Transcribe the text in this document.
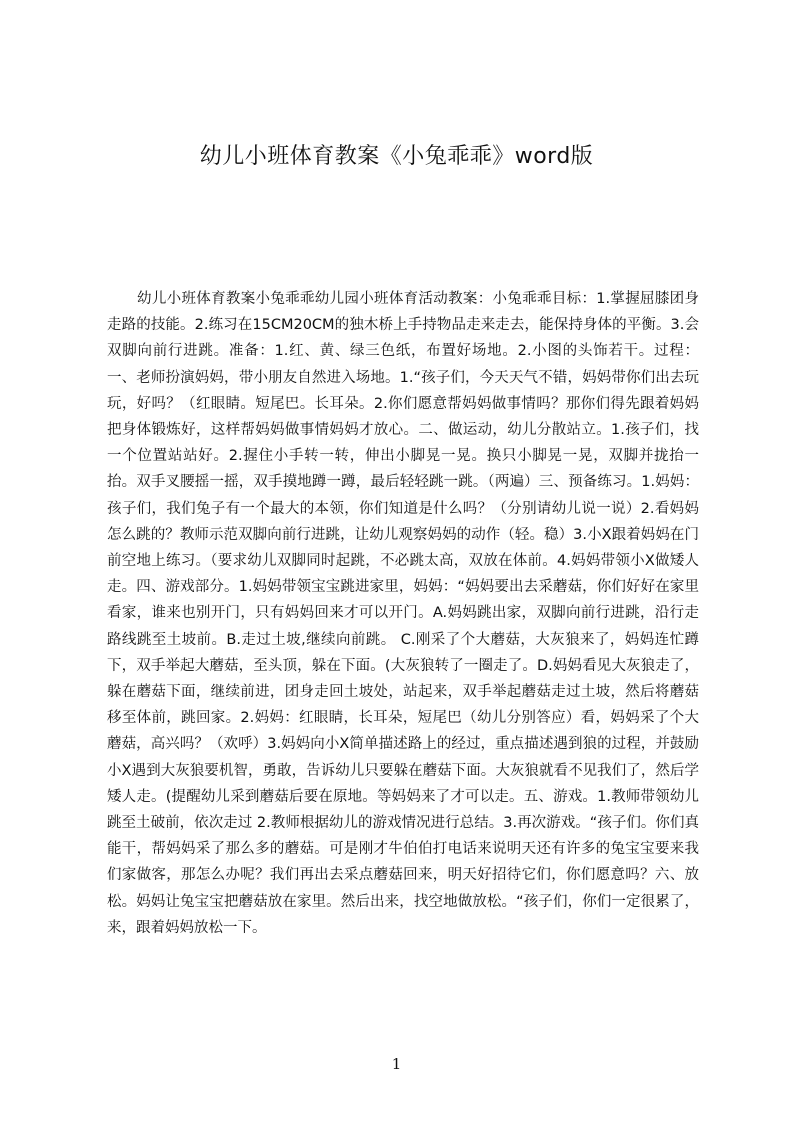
幼儿小班体育教案《小兔乖乖》word版

幼儿小班体育教案小兔乖乖幼儿园小班体育活动教案：小兔乖乖目标：1.掌握屈膝团身走路的技能。2.练习在15CM20CM的独木桥上手持物品走来走去，能保持身体的平衡。3.会双脚向前行进跳。准备：1.红、黄、绿三色纸，布置好场地。2.小图的头饰若干。过程：一、老师扮演妈妈，带小朋友自然进入场地。1.“孩子们，今天天气不错，妈妈带你们出去玩玩，好吗？（红眼睛。短尾巴。长耳朵。2.你们愿意帮妈妈做事情吗？那你们得先跟着妈妈把身体锻炼好，这样帮妈妈做事情妈妈才放心。二、做运动，幼儿分散站立。1.孩子们，找一个位置站站好。2.握住小手转一转，伸出小脚晃一晃。换只小脚晃一晃，双脚并拢抬一抬。双手叉腰摇一摇，双手摸地蹲一蹲，最后轻轻跳一跳。（两遍）三、预备练习。1.妈妈：孩子们，我们兔子有一个最大的本领，你们知道是什么吗？（分别请幼儿说一说）2.看妈妈怎么跳的？教师示范双脚向前行进跳，让幼儿观察妈妈的动作（轻。稳）3.小X跟着妈妈在门前空地上练习。（要求幼儿双脚同时起跳，不必跳太高，双放在体前。4.妈妈带领小X做矮人走。四、游戏部分。1.妈妈带领宝宝跳进家里，妈妈：“妈妈要出去采蘑菇，你们好好在家里看家，谁来也别开门，只有妈妈回来才可以开门。A.妈妈跳出家，双脚向前行进跳，沿行走路线跳至土坡前。B.走过土坡,继续向前跳。 C.刚采了个大蘑菇，大灰狼来了，妈妈连忙蹲下，双手举起大蘑菇，至头顶，躲在下面。(大灰狼转了一圈走了。D.妈妈看见大灰狼走了，躲在蘑菇下面，继续前进，团身走回土坡处，站起来，双手举起蘑菇走过土坡，然后将蘑菇移至体前，跳回家。2.妈妈：红眼睛，长耳朵，短尾巴（幼儿分别答应）看，妈妈采了个大蘑菇，高兴吗？（欢呼）3.妈妈向小X简单描述路上的经过，重点描述遇到狼的过程，并鼓励小X遇到大灰狼要机智，勇敢，告诉幼儿只要躲在蘑菇下面。大灰狼就看不见我们了，然后学矮人走。(提醒幼儿采到蘑菇后要在原地。等妈妈来了才可以走。五、游戏。1.教师带领幼儿跳至土破前，依次走过 2.教师根据幼儿的游戏情况进行总结。3.再次游戏。“孩子们。你们真能干，帮妈妈采了那么多的蘑菇。可是刚才牛伯伯打电话来说明天还有许多的兔宝宝要来我们家做客，那怎么办呢？我们再出去采点蘑菇回来，明天好招待它们，你们愿意吗？六、放松。妈妈让兔宝宝把蘑菇放在家里。然后出来，找空地做放松。“孩子们，你们一定很累了，来，跟着妈妈放松一下。

1
